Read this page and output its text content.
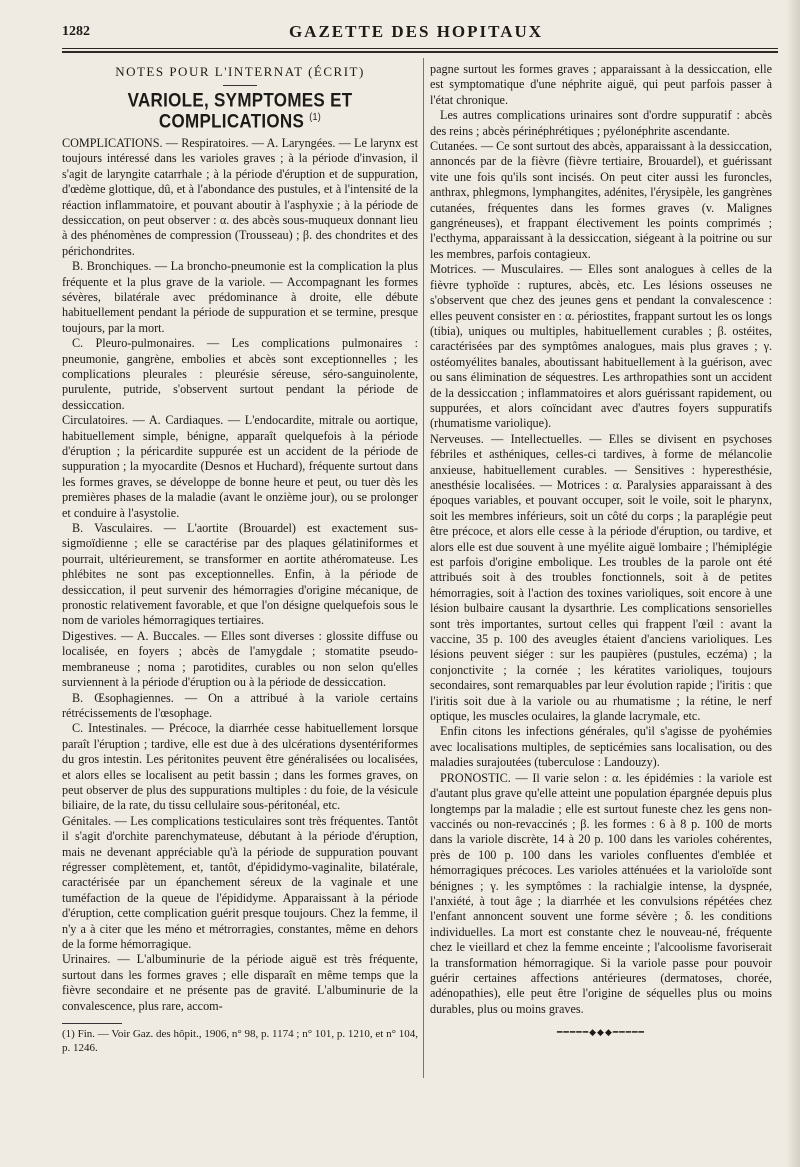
1282	GAZETTE DES HOPITAUX
NOTES POUR L'INTERNAT (ÉCRIT)
VARIOLE, SYMPTOMES ET COMPLICATIONS $^{(1)}$

COMPLICATIONS. — Respiratoires. — A. Laryngées. — Le larynx est toujours intéressé dans les varioles graves ; à la période d'invasion, il s'agit de laryngite catarrhale ; à la période d'éruption et de suppuration, d'œdème glottique, dû, et à l'abondance des pustules, et à l'intensité de la réaction inflammatoire, et pouvant aboutir à l'asphyxie ; à la période de dessiccation, on peut observer : α. des abcès sous-muqueux donnant lieu à des phénomènes de compression (Trousseau) ; β. des chondrites et des périchondrites.

B. Bronchiques. — La broncho-pneumonie est la complication la plus fréquente et la plus grave de la variole. — Accompagnant les formes sévères, bilatérale avec prédominance à droite, elle débute habituellement pendant la période de suppuration et se termine, presque toujours, par la mort.

C. Pleuro-pulmonaires. — Les complications pulmonaires : pneumonie, gangrène, embolies et abcès sont exceptionnelles ; les complications pleurales : pleurésie séreuse, séro-sanguinolente, purulente, putride, s'observent surtout pendant la période de dessiccation.

Circulatoires. — A. Cardiaques. — L'endocardite, mitrale ou aortique, habituellement simple, bénigne, apparaît quelquefois à la période d'éruption ; la péricardite suppurée est un accident de la période de suppuration ; la myocardite (Desnos et Huchard), fréquente surtout dans les formes graves, se développe de bonne heure et peut, ou tuer dès les premières phases de la maladie (avant le onzième jour), ou se prolonger et conduire à l'asystolie.

B. Vasculaires. — L'aortite (Brouardel) est exactement sus-sigmoïdienne ; elle se caractérise par des plaques gélatiniformes et pourrait, ultérieurement, se transformer en aortite athéromateuse. Les phlébites ne sont pas exceptionnelles. Enfin, à la période de dessiccation, il peut survenir des hémorragies d'origine mécanique, de pronostic relativement favorable, et que l'on désigne quelquefois sous le nom de varioles hémorragiques tertiaires.

Digestives. — A. Buccales. — Elles sont diverses : glossite diffuse ou localisée, en foyers ; abcès de l'amygdale ; stomatite pseudo-membraneuse ; noma ; parotidites, curables ou non selon qu'elles surviennent à la période d'éruption ou à la période de dessiccation.

B. Œsophagiennes. — On a attribué à la variole certains rétrécissements de l'œsophage.

C. Intestinales. — Précoce, la diarrhée cesse habituellement lorsque paraît l'éruption ; tardive, elle est due à des ulcérations dysentériformes du gros intestin. Les péritonites peuvent être généralisées ou localisées, et alors elles se localisent au petit bassin ; dans les formes graves, on peut observer de plus des suppurations multiples : du foie, de la vésicule biliaire, de la rate, du tissu cellulaire sous-péritonéal, etc.

Génitales. — Les complications testiculaires sont très fréquentes. Tantôt il s'agit d'orchite parenchymateuse, débutant à la période d'éruption, mais ne devenant appréciable qu'à la période de suppuration pouvant régresser complètement, et, tantôt, d'épididymo-vaginalite, bilatérale, caractérisée par un épanchement séreux de la vaginale et une tuméfaction de la queue de l'épididyme. Apparaissant à la période d'éruption, cette complication guérit presque toujours. Chez la femme, il n'y a à citer que les méno et métrorragies, constantes, même en dehors de la forme hémorragique.

Urinaires. — L'albuminurie de la période aiguë est très fréquente, surtout dans les formes graves ; elle disparaît en même temps que la fièvre secondaire et ne présente pas de gravité. L'albuminurie de la convalescence, plus rare, accom-

(1) Fin. — Voir Gaz. des hôpit., 1906, n° 98, p. 1174 ; n° 101, p. 1210, et n° 104, p. 1246.

pagne surtout les formes graves ; apparaissant à la dessiccation, elle est symptomatique d'une néphrite aiguë, qui peut parfois passer à l'état chronique.

Les autres complications urinaires sont d'ordre suppuratif : abcès des reins ; abcès périnéphrétiques ; pyélonéphrite ascendante.

Cutanées. — Ce sont surtout des abcès, apparaissant à la dessiccation, annoncés par de la fièvre (fièvre tertiaire, Brouardel), et guérissant vite une fois qu'ils sont incisés. On peut citer aussi les furoncles, anthrax, phlegmons, lymphangites, adénites, l'érysipèle, les gangrènes cutanées, fréquentes dans les formes graves (v. Malignes gangréneuses), et frappant électivement les points comprimés ; l'ecthyma, apparaissant à la dessiccation, siégeant à la poitrine ou sur les membres, parfois contagieux.

Motrices. — Musculaires. — Elles sont analogues à celles de la fièvre typhoïde : ruptures, abcès, etc. Les lésions osseuses ne s'observent que chez des jeunes gens et pendant la convalescence : elles peuvent consister en : α. périostites, frappant surtout les os longs (tibia), uniques ou multiples, habituellement curables ; β. ostéites, caractérisées par des symptômes analogues, mais plus graves ; γ. ostéomyélites banales, aboutissant habituellement à la guérison, avec ou sans élimination de séquestres. Les arthropathies sont un accident de la dessiccation ; inflammatoires et alors guérissant rapidement, ou suppurées, et alors coïncidant avec d'autres foyers suppuratifs (rhumatisme variolique).

Nerveuses. — Intellectuelles. — Elles se divisent en psychoses fébriles et asthéniques, celles-ci tardives, à forme de mélancolie anxieuse, habituellement curables. — Sensitives : hyperesthésie, anesthésie localisées. — Motrices : α. Paralysies apparaissant à des époques variables, et pouvant occuper, soit le voile, soit le pharynx, soit les membres inférieurs, soit un côté du corps ; la paraplégie peut être précoce, et alors elle cesse à la période d'éruption, ou tardive, et alors elle est due souvent à une myélite aiguë lombaire ; l'hémiplégie est parfois d'origine embolique. Les troubles de la parole ont été attribués soit à des troubles fonctionnels, soit à de petites hémorragies, soit à l'action des toxines varioliques, soit encore à une lésion bulbaire causant la dysarthrie. Les complications sensorielles sont très importantes, surtout celles qui frappent l'œil : avant la vaccine, 35 p. 100 des aveugles étaient d'anciens varioliques. Les lésions peuvent siéger : sur les paupières (pustules, eczéma) ; la conjonctivite ; la cornée ; les kératites varioliques, toujours secondaires, sont remarquables par leur évolution rapide ; l'iritis : que l'iritis soit due à la variole ou au rhumatisme ; la rétine, le nerf optique, les muscles oculaires, la glande lacrymale, etc.

Enfin citons les infections générales, qu'il s'agisse de pyohémies avec localisations multiples, de septicémies sans localisation, ou des maladies surajoutées (tuberculose : Landouzy).

PRONOSTIC. — Il varie selon : α. les épidémies : la variole est d'autant plus grave qu'elle atteint une population épargnée depuis plus longtemps par la maladie ; elle est surtout funeste chez les gens non-vaccinés ou non-revaccinés ; β. les formes : 6 à 8 p. 100 de morts dans la variole discrète, 14 à 20 p. 100 dans les varioles cohérentes, près de 100 p. 100 dans les varioles confluentes d'emblée et hémorragiques précoces. Les varioles atténuées et la varioloïde sont bénignes ; γ. les symptômes : la rachialgie intense, la dyspnée, l'anxiété, à tout âge ; la diarrhée et les convulsions répétées chez l'enfant annoncent souvent une forme sévère ; δ. les conditions individuelles. La mort est constante chez le nouveau-né, fréquente chez le vieillard et chez la femme enceinte ; l'alcoolisme favoriserait la transformation hémorragique. Si la variole passe pour pouvoir guérir certaines affections antérieures (dermatoses, chorée, adénopathies), elle peut être l'origine de séquelles plus ou moins durables, plus ou moins graves.

━━━━━◆◆◆━━━━━
